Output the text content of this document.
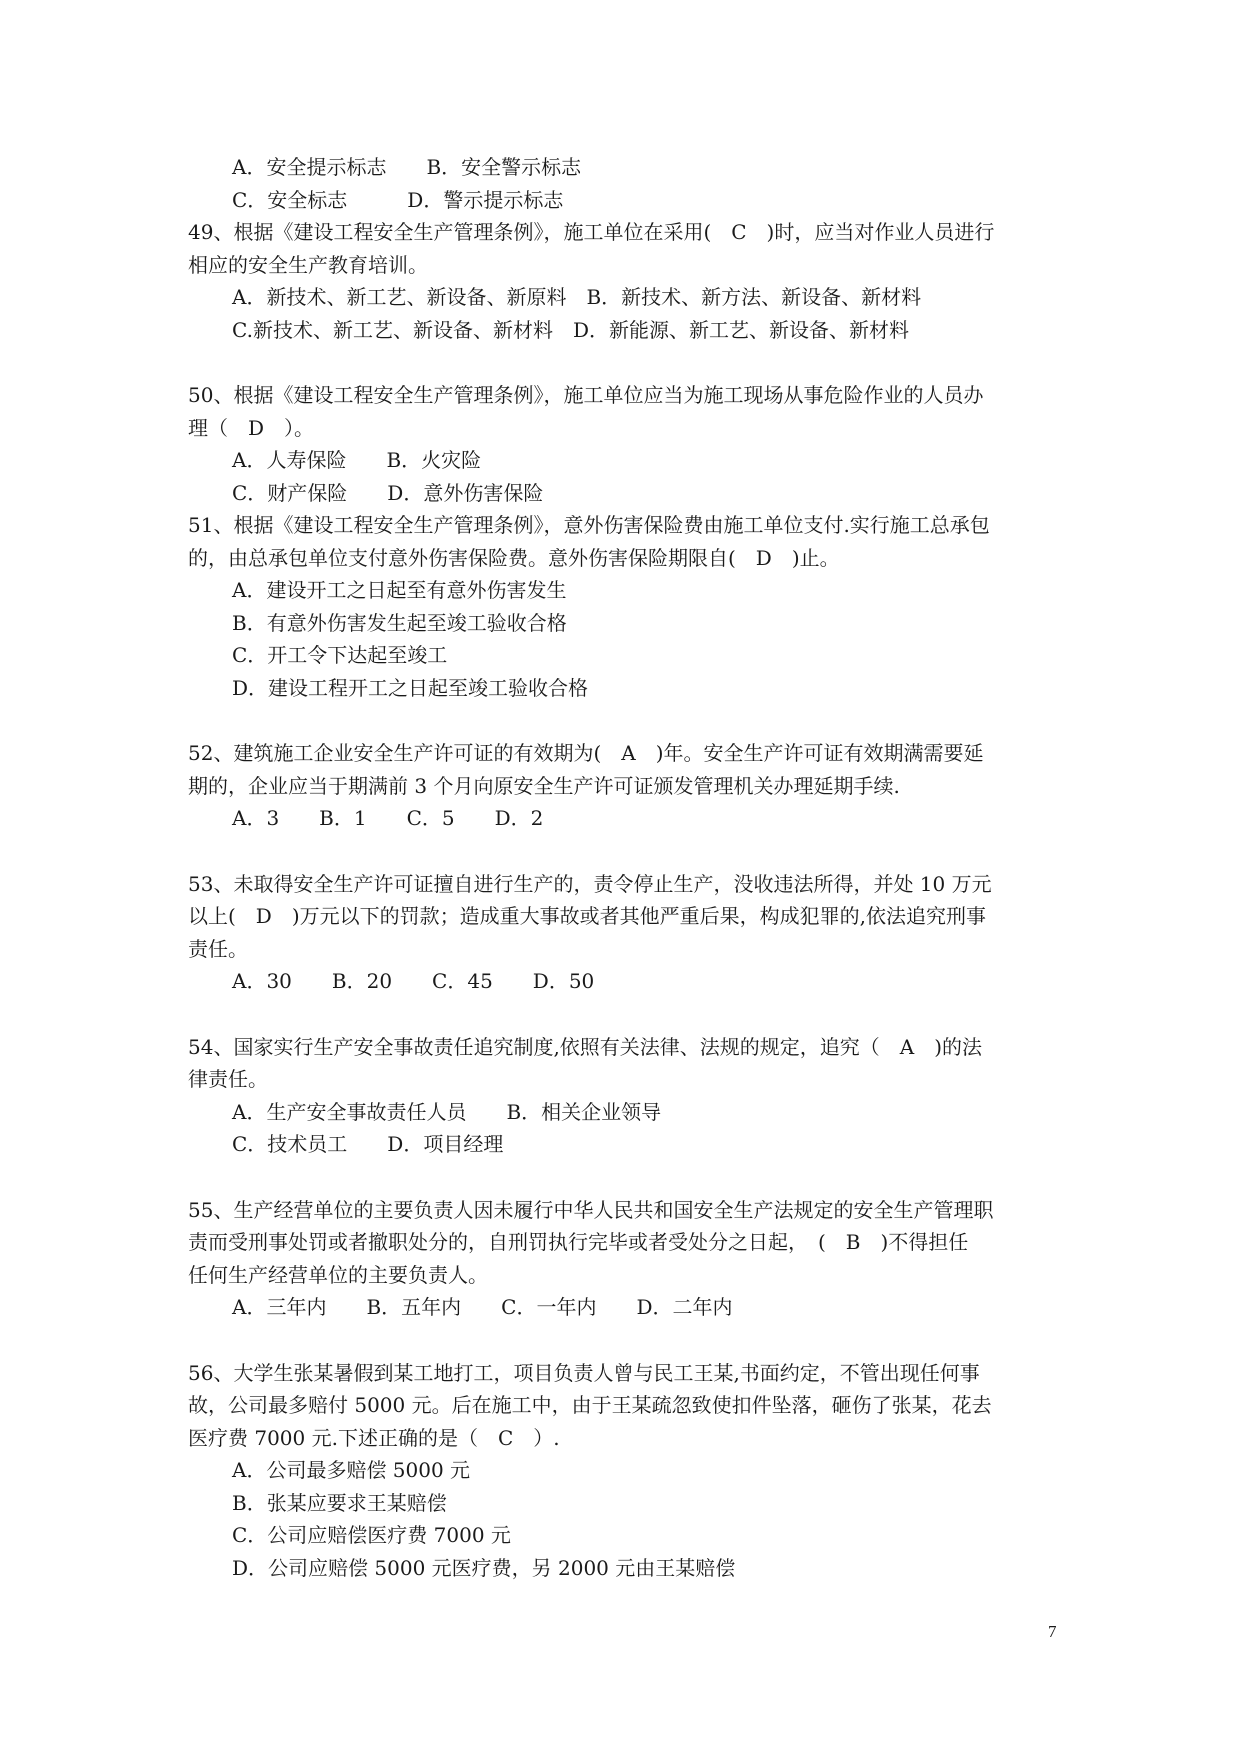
A．安全提示标志　　B．安全警示标志
C．安全标志　　　D．警示提示标志
49、根据《建设工程安全生产管理条例》，施工单位在采用(　C　)时，应当对作业人员进行
相应的安全生产教育培训。
A．新技术、新工艺、新设备、新原料　B．新技术、新方法、新设备、新材料
C.新技术、新工艺、新设备、新材料　D．新能源、新工艺、新设备、新材料
50、根据《建设工程安全生产管理条例》，施工单位应当为施工现场从事危险作业的人员办
理（　D　）。
A．人寿保险　　B．火灾险
C．财产保险　　D．意外伤害保险
51、根据《建设工程安全生产管理条例》，意外伤害保险费由施工单位支付.实行施工总承包
的，由总承包单位支付意外伤害保险费。意外伤害保险期限自(　D　)止。
A．建设开工之日起至有意外伤害发生
B．有意外伤害发生起至竣工验收合格
C．开工令下达起至竣工
D．建设工程开工之日起至竣工验收合格
52、建筑施工企业安全生产许可证的有效期为(　A　)年。安全生产许可证有效期满需要延
期的，企业应当于期满前 3 个月向原安全生产许可证颁发管理机关办理延期手续.
A．3　　B．1　　C．5　　D．2
53、未取得安全生产许可证擅自进行生产的，责令停止生产，没收违法所得，并处 10 万元
以上(　D　)万元以下的罚款；造成重大事故或者其他严重后果，构成犯罪的,依法追究刑事
责任。
A．30　　B．20　　C．45　　D．50
54、国家实行生产安全事故责任追究制度,依照有关法律、法规的规定，追究（　A　)的法
律责任。
A．生产安全事故责任人员　　B．相关企业领导
C．技术员工　　D．项目经理
55、生产经营单位的主要负责人因未履行中华人民共和国安全生产法规定的安全生产管理职
责而受刑事处罚或者撤职处分的，自刑罚执行完毕或者受处分之日起，　(　B　)不得担任
任何生产经营单位的主要负责人。
A．三年内　　B．五年内　　C．一年内　　D．二年内
56、大学生张某暑假到某工地打工，项目负责人曾与民工王某,书面约定，不管出现任何事
故，公司最多赔付 5000 元。后在施工中，由于王某疏忽致使扣件坠落，砸伤了张某，花去
医疗费 7000 元.下述正确的是（　C　）.
A．公司最多赔偿 5000 元
B．张某应要求王某赔偿
C．公司应赔偿医疗费 7000 元
D．公司应赔偿 5000 元医疗费，另 2000 元由王某赔偿
7
